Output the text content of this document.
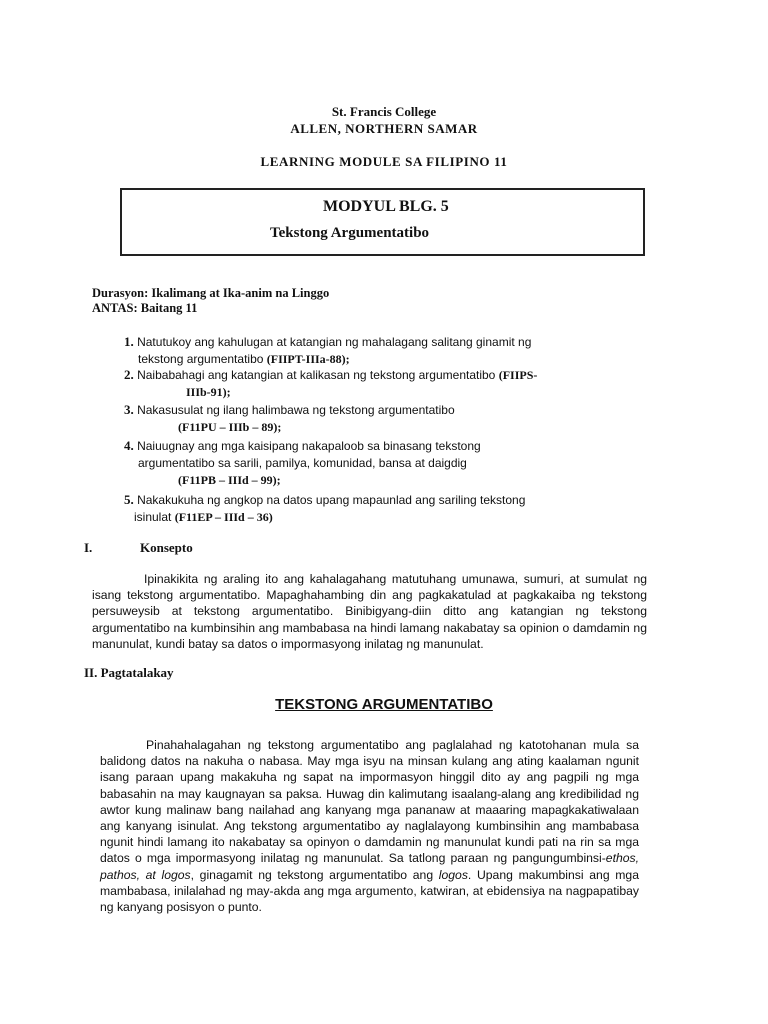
St. Francis College
ALLEN, NORTHERN SAMAR
LEARNING MODULE SA FILIPINO 11
MODYUL BLG. 5
Tekstong Argumentatibo
Durasyon: Ikalimang at Ika-anim na Linggo
ANTAS: Baitang 11
1. Natutukoy ang kahulugan at katangian ng mahalagang salitang ginamit ng
tekstong argumentatibo (FIIPT-IIIa-88);
2. Naibabahagi ang katangian at kalikasan ng tekstong argumentatibo (FIIPS-
IIIb-91);
3. Nakasusulat ng ilang halimbawa ng tekstong argumentatibo
(F11PU – IIIb – 89);
4. Naiuugnay ang mga kaisipang nakapaloob sa binasang tekstong
argumentatibo sa sarili, pamilya, komunidad, bansa at daigdig
(F11PB – IIId – 99);
5. Nakakukuha ng angkop na datos upang mapaunlad ang sariling tekstong
isinulat (F11EP – IIId – 36)
I.	Konsepto

Ipinakikita ng araling ito ang kahalagahang matutuhang umunawa, sumuri, at sumulat ng isang tekstong argumentatibo. Mapaghahambing din ang pagkakatulad at pagkakaiba ng tekstong persuweysib at tekstong argumentatibo. Binibigyang-diin ditto ang katangian ng tekstong argumentatibo na kumbinsihin ang mambabasa na hindi lamang nakabatay sa opinion o damdamin ng manunulat, kundi batay sa datos o impormasyong inilatag ng manunulat.

II. Pagtatalakay
TEKSTONG ARGUMENTATIBO

Pinahahalagahan ng tekstong argumentatibo ang paglalahad ng katotohanan mula sa balidong datos na nakuha o nabasa. May mga isyu na minsan kulang ang ating kaalaman ngunit isang paraan upang makakuha ng sapat na impormasyon hinggil dito ay ang pagpili ng mga babasahin na may kaugnayan sa paksa. Huwag din kalimutang isaalang-alang ang kredibilidad ng awtor kung malinaw bang nailahad ang kanyang mga pananaw at maaaring mapagkakatiwalaan ang kanyang isinulat. Ang tekstong argumentatibo ay naglalayong kumbinsihin ang mambabasa ngunit hindi lamang ito nakabatay sa opinyon o damdamin ng manunulat kundi pati na rin sa mga datos o mga impormasyong inilatag ng manunulat. Sa tatlong paraan ng pangungumbinsi-ethos, pathos, at logos, ginagamit ng tekstong argumentatibo ang logos. Upang makumbinsi ang mga mambabasa, inilalahad ng may-akda ang mga argumento, katwiran, at ebidensiya na nagpapatibay ng kanyang posisyon o punto.
